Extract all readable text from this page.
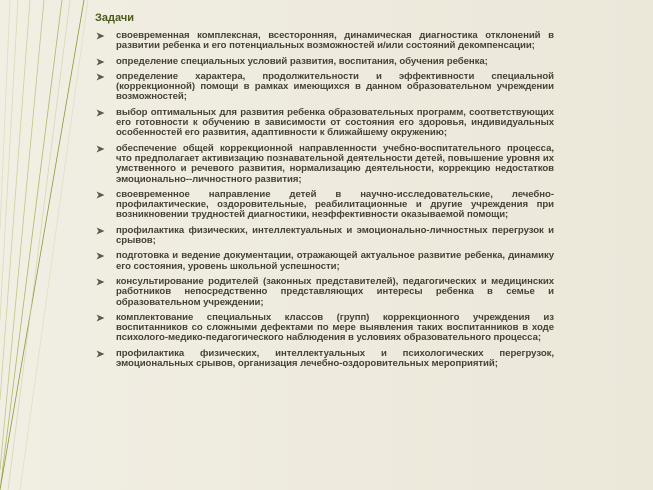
Задачи
своевременная комплексная, всесторонняя, динамическая диагностика отклонений в развитии ребенка и его потенциальных возможностей и/или состояний декомпенсации;
определение специальных условий развития, воспитания, обучения ребенка;
определение характера, продолжительности и эффективности специальной (коррекционной) помощи в рамках имеющихся в данном образовательном учреждении возможностей;
выбор оптимальных для развития ребенка образовательных программ, соответствующих его готовности к обучению в зависимости от состояния его здоровья, индивидуальных особенностей его развития, адаптивности к ближайшему окружению;
обеспечение общей коррекционной направленности учебно-воспитательного процесса, что предполагает активизацию познавательной деятельности детей, повышение уровня их умственного и речевого развития, нормализацию деятельности, коррекцию недостатков эмоционально--личностного развития;
своевременное направление детей в научно-исследовательские, лечебно-профилактические, оздоровительные, реабилитационные и другие учреждения при возникновении трудностей диагностики, неэффективности оказываемой помощи;
профилактика физических, интеллектуальных и эмоционально-личностных перегрузок и срывов;
подготовка и ведение документации, отражающей актуальное развитие ребенка, динамику его состояния, уровень школьной успешности;
консультирование родителей (законных представителей), педагогических и медицинских работников непосредственно представляющих интересы ребенка в семье и образовательном учреждении;
комплектование специальных классов (групп) коррекционного учреждения из воспитанников со сложными дефектами по мере выявления таких воспитанников в ходе психолого-медико-педагогического наблюдения в условиях образовательного процесса;
профилактика физических, интеллектуальных и психологических перегрузок, эмоциональных срывов, организация лечебно-оздоровительных мероприятий;
